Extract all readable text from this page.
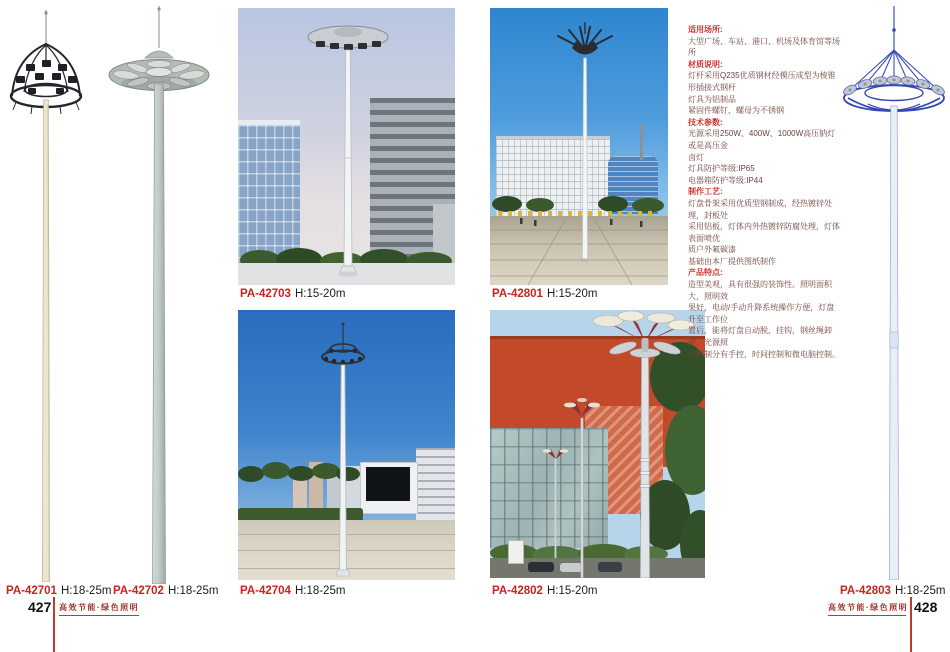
适用场所:
大型广场、车站、港口、机场及体育馆等场所
材质说明:
灯杆采用Q235优质钢材经模压成型为棱锥形插接式钢杆
灯具为铝制品
紧固件螺钉、螺母为不锈钢
技术参数:
光源采用250W、400W、1000W高压钠灯或是高压金
卤灯
灯具防护等级:IP65
电器箱防护等级:IP44
制作工艺:
灯盘骨架采用优质型钢制成，经热镀锌处理，封板处
采用铝板，灯体内外热镀锌防腐处理，灯体表面喷优
质户外氟碳漆
基础由本厂提供图纸制作
产品特点:
造型美观，具有很强的装饰性。照明面积大，照明效
果好，电动/手动升降系统操作方便，灯盘升至工作位
置后，能将灯盘自动脱、挂钩，钢丝绳卸荷，光源照
明控制分有手控，时间控制和微电脑控制。
PA-42701 H:18-25m PA-42702 H:18-25m
PA-42703 H:15-20m
PA-42704 H:18-25m
PA-42801 H:15-20m
PA-42802 H:15-20m	PA-42803 H:18-25m
427 高效节能·绿色照明	高效节能·绿色照明 428
